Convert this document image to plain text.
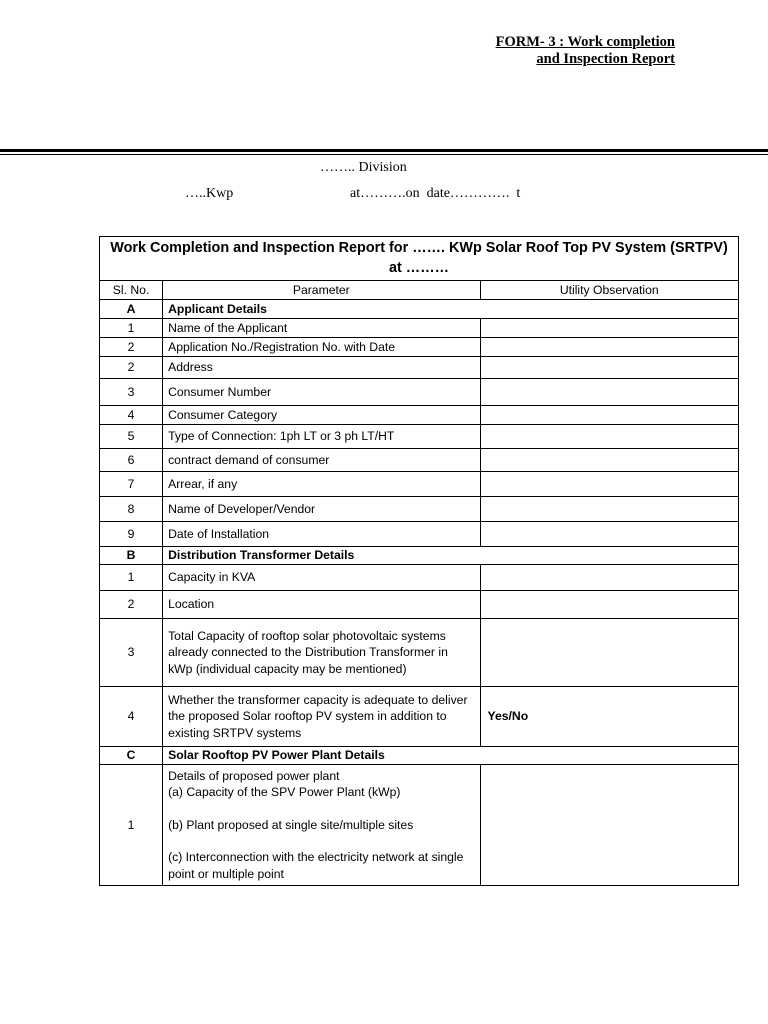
FORM- 3 : Work completion
and Inspection Report
…….. Division
…..Kwp	at……….on  date………….  t
Work Completion and Inspection Report for ……. KWp Solar Roof Top PV System (SRTPV) at ………		
Sl. No.	Parameter	Utility Observation
A	Applicant Details	
1	Name of the Applicant	
2	Application No./Registration No. with Date	
2	Address	
3	Consumer Number	
4	Consumer Category	
5	Type of Connection: 1ph LT or 3 ph LT/HT	
6	contract demand of consumer	
7	Arrear, if any	
8	Name of Developer/Vendor	
9	Date of Installation	
B	Distribution Transformer Details	
1	Capacity in KVA	
2	Location	
3	Total Capacity of rooftop solar photovoltaic systems already connected to the Distribution Transformer in kWp (individual capacity may be mentioned)	
4	Whether the transformer capacity is adequate to deliver the proposed Solar rooftop PV system in addition to existing SRTPV systems	Yes/No
C	Solar Rooftop PV Power Plant Details	
1	Details of proposed power plant
(a) Capacity of the SPV Power Plant (kWp)
(b) Plant proposed at single site/multiple sites
(c) Interconnection with the electricity network at single point or multiple point	
